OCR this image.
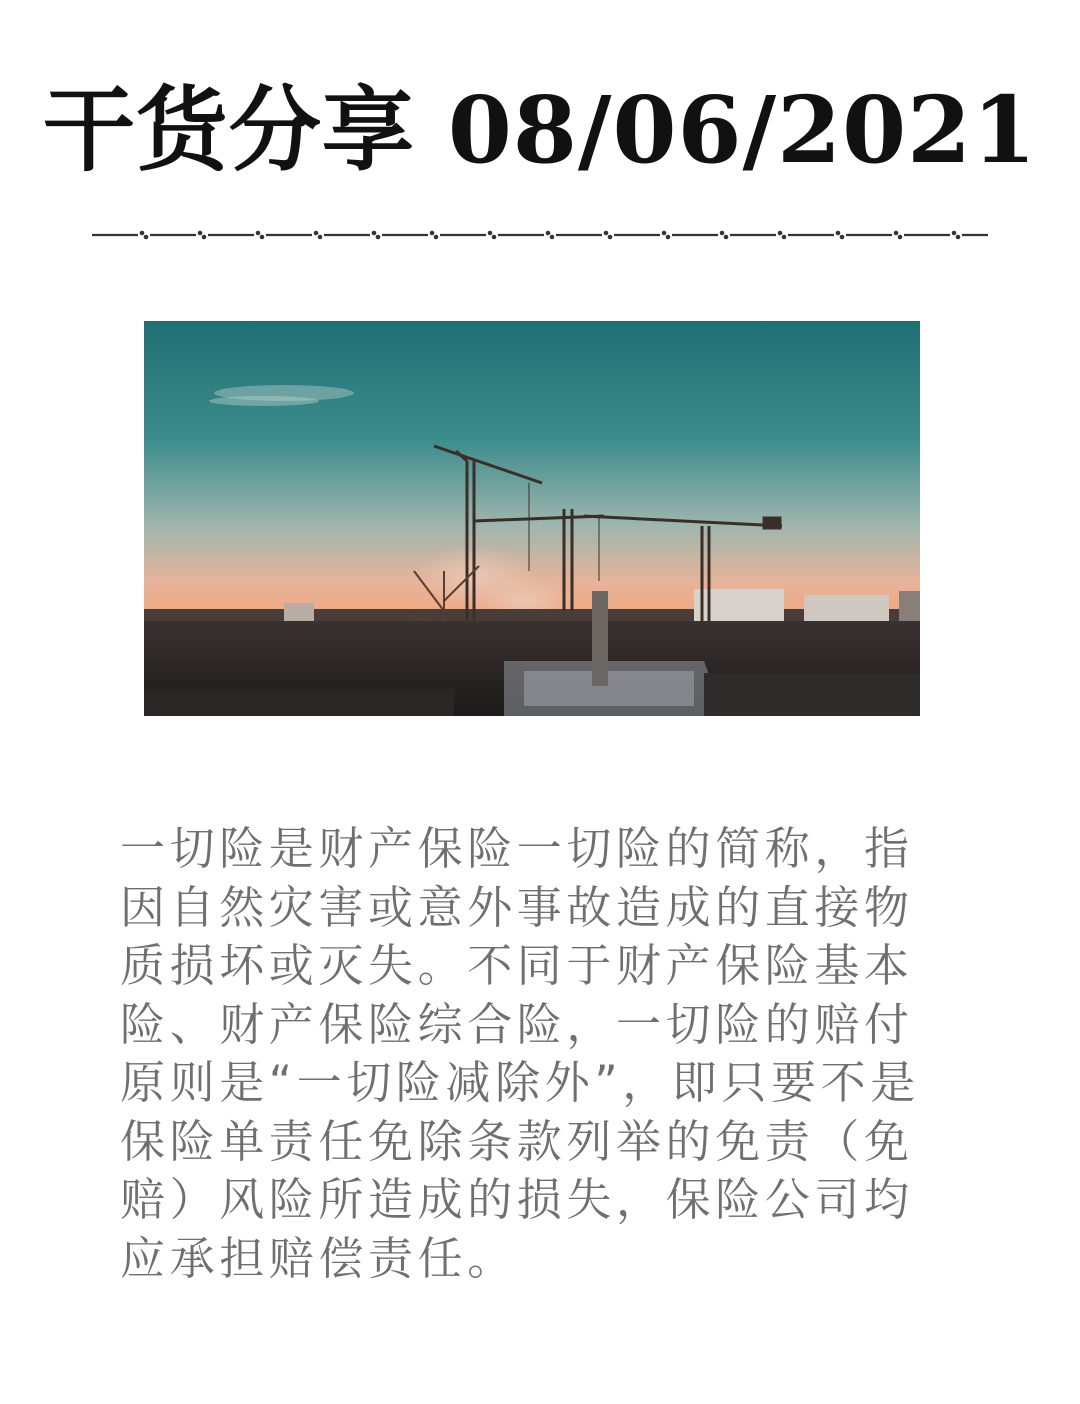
干货分享 08/06/2021
一切险是财产保险一切险的简称，指因自然灾害或意外事故造成的直接物质损坏或灭失。不同于财产保险基本险、财产保险综合险，一切险的赔付原则是“一切险减除外”，即只要不是保险单责任免除条款列举的免责（免赔）风险所造成的损失，保险公司均应承担赔偿责任。
